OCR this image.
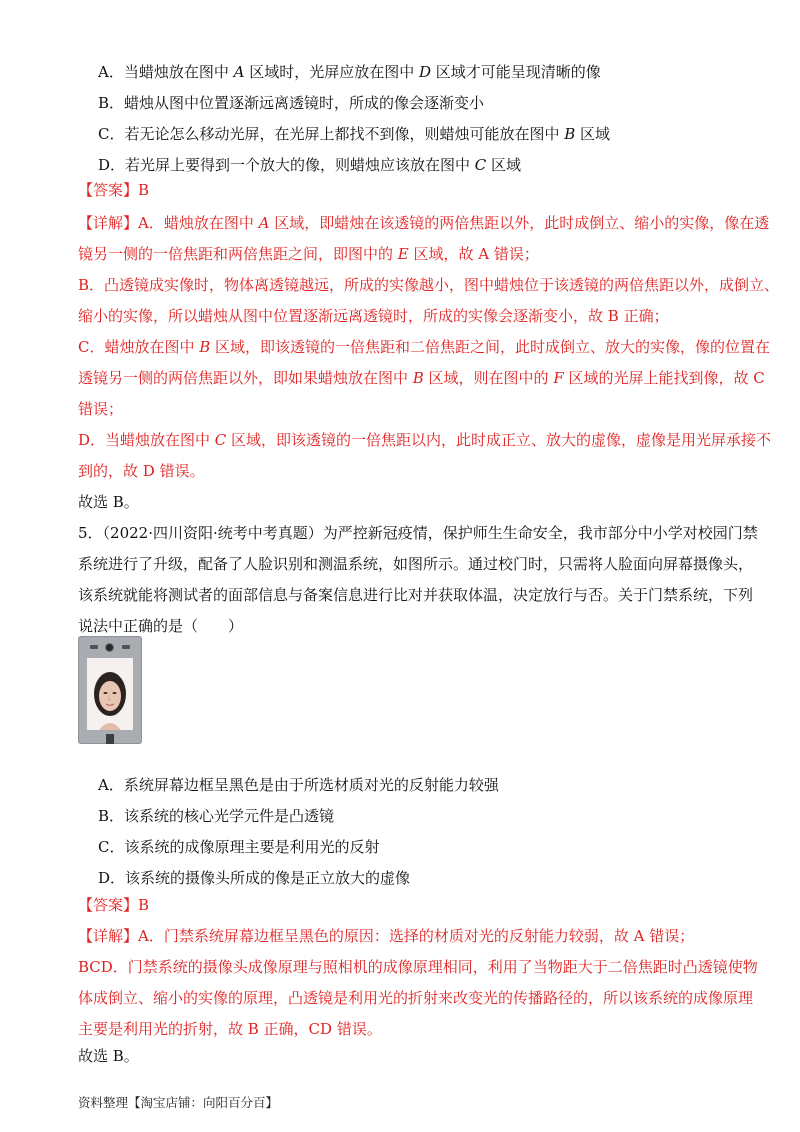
A．当蜡烛放在图中 𝐴 区域时，光屏应放在图中 𝐷 区域才可能呈现清晰的像
B．蜡烛从图中位置逐渐远离透镜时，所成的像会逐渐变小
C．若无论怎么移动光屏，在光屏上都找不到像，则蜡烛可能放在图中 𝐵 区域
D．若光屏上要得到一个放大的像，则蜡烛应该放在图中 𝐶 区域
【答案】B
【详解】A．蜡烛放在图中 𝐴 区域，即蜡烛在该透镜的两倍焦距以外，此时成倒立、缩小的实像，像在透
镜另一侧的一倍焦距和两倍焦距之间，即图中的 𝐸 区域，故 A 错误；
B．凸透镜成实像时，物体离透镜越远，所成的实像越小，图中蜡烛位于该透镜的两倍焦距以外，成倒立、
缩小的实像，所以蜡烛从图中位置逐渐远离透镜时，所成的实像会逐渐变小，故 B 正确；
C．蜡烛放在图中 𝐵 区域，即该透镜的一倍焦距和二倍焦距之间，此时成倒立、放大的实像，像的位置在
透镜另一侧的两倍焦距以外，即如果蜡烛放在图中 𝐵 区域，则在图中的 𝐹 区域的光屏上能找到像，故 C
错误；
D．当蜡烛放在图中 𝐶 区域，即该透镜的一倍焦距以内，此时成正立、放大的虚像，虚像是用光屏承接不
到的，故 D 错误。
故选 B。
5．（2022·四川资阳·统考中考真题）为严控新冠疫情，保护师生生命安全，我市部分中小学对校园门禁
系统进行了升级，配备了人脸识别和测温系统，如图所示。通过校门时，只需将人脸面向屏幕摄像头，
该系统就能将测试者的面部信息与备案信息进行比对并获取体温，决定放行与否。关于门禁系统，下列
说法中正确的是（　　）
A．系统屏幕边框呈黑色是由于所选材质对光的反射能力较强
B．该系统的核心光学元件是凸透镜
C．该系统的成像原理主要是利用光的反射
D．该系统的摄像头所成的像是正立放大的虚像
【答案】B
【详解】A．门禁系统屏幕边框呈黑色的原因：选择的材质对光的反射能力较弱，故 A 错误；
BCD．门禁系统的摄像头成像原理与照相机的成像原理相同，利用了当物距大于二倍焦距时凸透镜使物
体成倒立、缩小的实像的原理，凸透镜是利用光的折射来改变光的传播路径的，所以该系统的成像原理
主要是利用光的折射，故 B 正确，CD 错误。
故选 B。
资料整理【淘宝店铺：向阳百分百】
